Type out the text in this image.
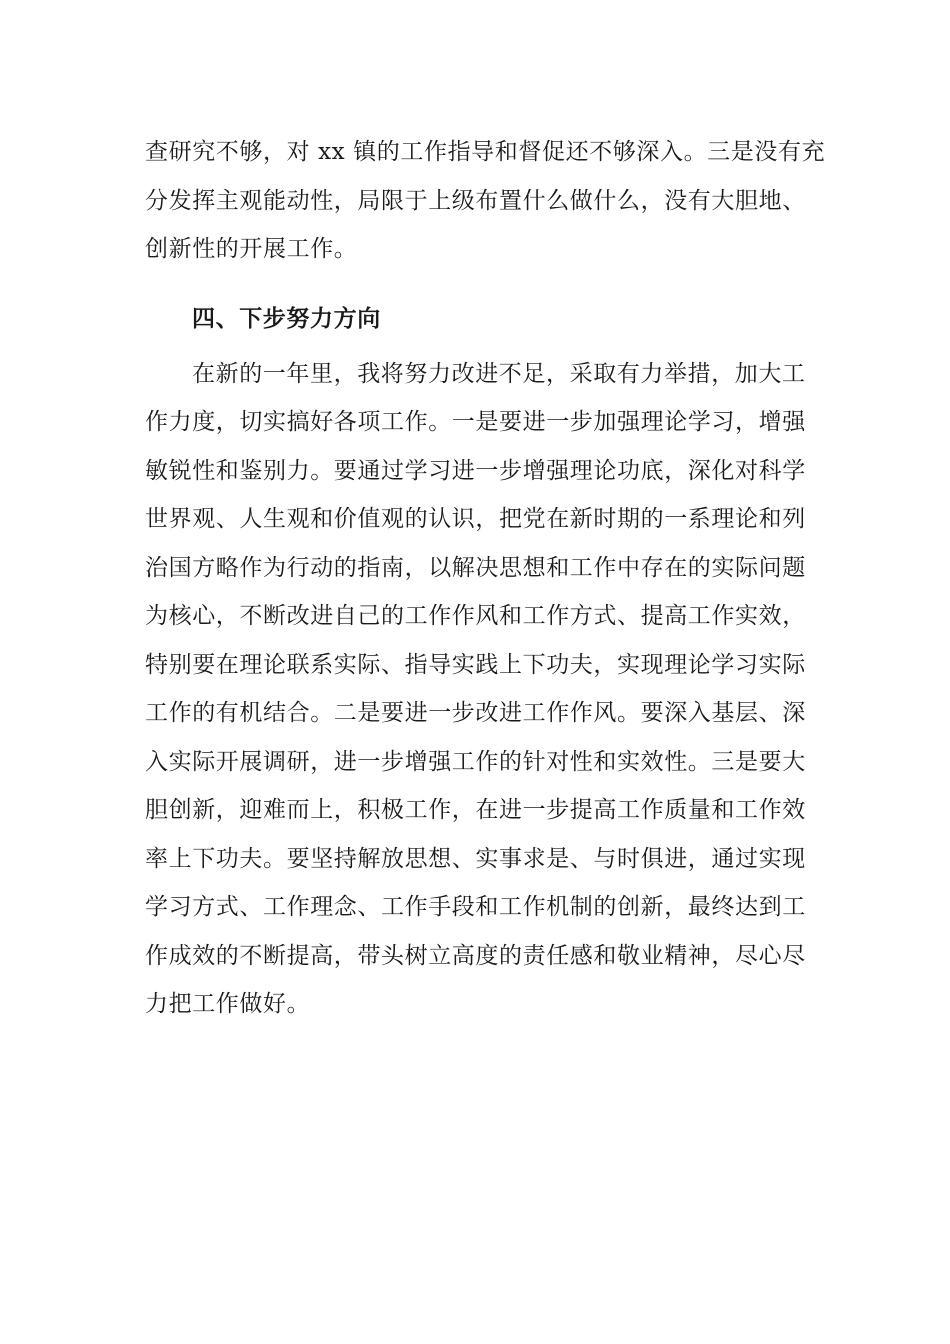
查研究不够，对 xx 镇的工作指导和督促还不够深入。三是没有充
分发挥主观能动性，局限于上级布置什么做什么，没有大胆地、
创新性的开展工作。
四、下步努力方向
在新的一年里，我将努力改进不足，采取有力举措，加大工
作力度，切实搞好各项工作。一是要进一步加强理论学习，增强
敏锐性和鉴别力。要通过学习进一步增强理论功底，深化对科学
世界观、人生观和价值观的认识，把党在新时期的一系理论和列
治国方略作为行动的指南，以解决思想和工作中存在的实际问题
为核心，不断改进自己的工作作风和工作方式、提高工作实效，
特别要在理论联系实际、指导实践上下功夫，实现理论学习实际
工作的有机结合。二是要进一步改进工作作风。要深入基层、深
入实际开展调研，进一步增强工作的针对性和实效性。三是要大
胆创新，迎难而上，积极工作，在进一步提高工作质量和工作效
率上下功夫。要坚持解放思想、实事求是、与时俱进，通过实现
学习方式、工作理念、工作手段和工作机制的创新，最终达到工
作成效的不断提高，带头树立高度的责任感和敬业精神，尽心尽
力把工作做好。
